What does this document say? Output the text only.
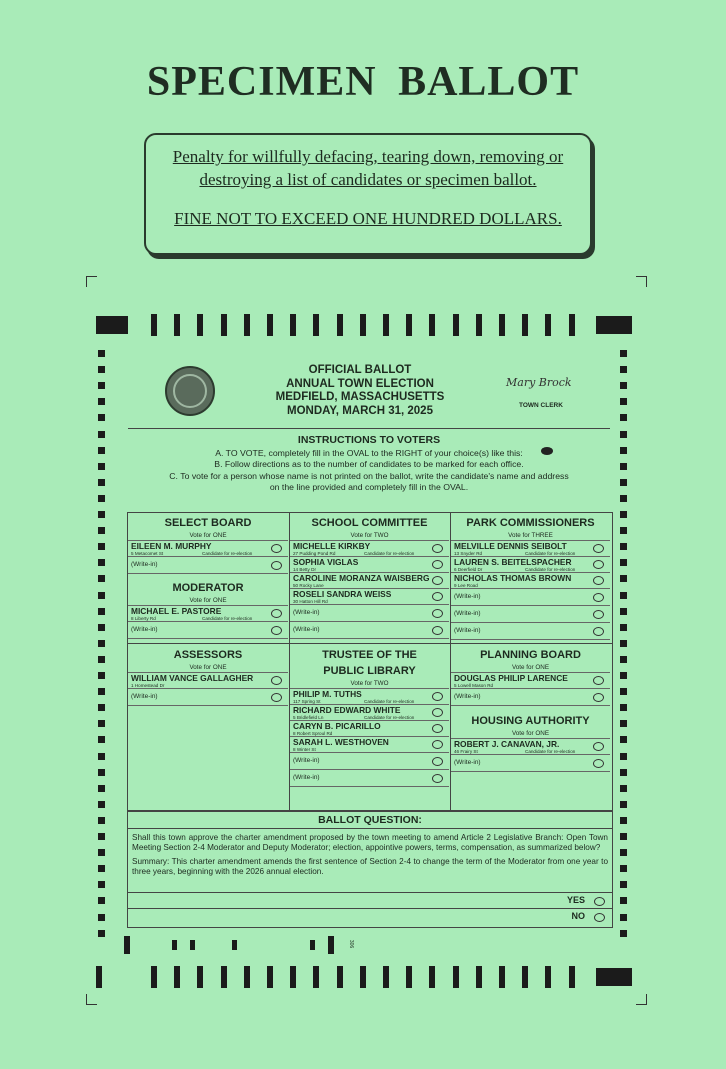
SPECIMEN BALLOT
Penalty for willfully defacing, tearing down, removing or
destroying a list of candidates or specimen ballot.
FINE NOT TO EXCEED ONE HUNDRED DOLLARS.
306
OFFICIAL BALLOT
ANNUAL TOWN ELECTION
MEDFIELD, MASSACHUSETTS
MONDAY, MARCH 31, 2025
Mary Brock
TOWN CLERK
INSTRUCTIONS TO VOTERS
A. TO VOTE, completely fill in the OVAL to the RIGHT of your choice(s) like this:
B. Follow directions as to the number of candidates to be marked for each office.
C. To vote for a person whose name is not printed on the ballot, write the candidate's name and address
on the line provided and completely fill in the OVAL.
SELECT BOARD
Vote for ONE
EILEEN M. MURPHY
5 Metacomet St	Candidate for re-election
(Write-in)
MODERATOR
Vote for ONE
MICHAEL E. PASTORE
8 Liberty Rd	Candidate for re-election
(Write-in)
SCHOOL COMMITTEE
Vote for TWO
MICHELLE KIRKBY
27 Pudding Pond Rd	Candidate for re-election
SOPHIA VIGLAS
14 Betty Dr
CAROLINE MORANZA WAISBERG
50 Rocky Lane
ROSELI SANDRA WEISS
30 Hatton Hill Rd
(Write-in)
(Write-in)
PARK COMMISSIONERS
Vote for THREE
MELVILLE DENNIS SEIBOLT
13 Snyder Rd	Candidate for re-election
LAUREN S. BEITELSPACHER
6 Deerfield Dr	Candidate for re-election
NICHOLAS THOMAS BROWN
9 Lee Road
(Write-in)
(Write-in)
(Write-in)
ASSESSORS
Vote for ONE
WILLIAM VANCE GALLAGHER
1 Homestead Dr
(Write-in)
TRUSTEE OF THE
PUBLIC LIBRARY
Vote for TWO
PHILIP M. TUTHS
117 Spring St	Candidate for re-election
RICHARD EDWARD WHITE
5 Bridlefield Ln	Candidate for re-election
CARYN B. PICARILLO
8 Robert Sproul Rd
SARAH L. WESTHOVEN
8 Winter St
(Write-in)
(Write-in)
PLANNING BOARD
Vote for ONE
DOUGLAS PHILIP LARENCE
5 Lowell Mason Rd
(Write-in)
HOUSING AUTHORITY
Vote for ONE
ROBERT J. CANAVAN, JR.
46 Frairy St	Candidate for re-election
(Write-in)
BALLOT QUESTION:
Shall this town approve the charter amendment proposed by the town meeting to amend Article 2 Legislative Branch: Open Town Meeting Section 2-4 Moderator and Deputy Moderator; election, appointive powers, terms, compensation, as summarized below?
Summary: This charter amendment amends the first sentence of Section 2-4 to change the term of the Moderator from one year to three years, beginning with the 2026 annual election.
YES
NO
